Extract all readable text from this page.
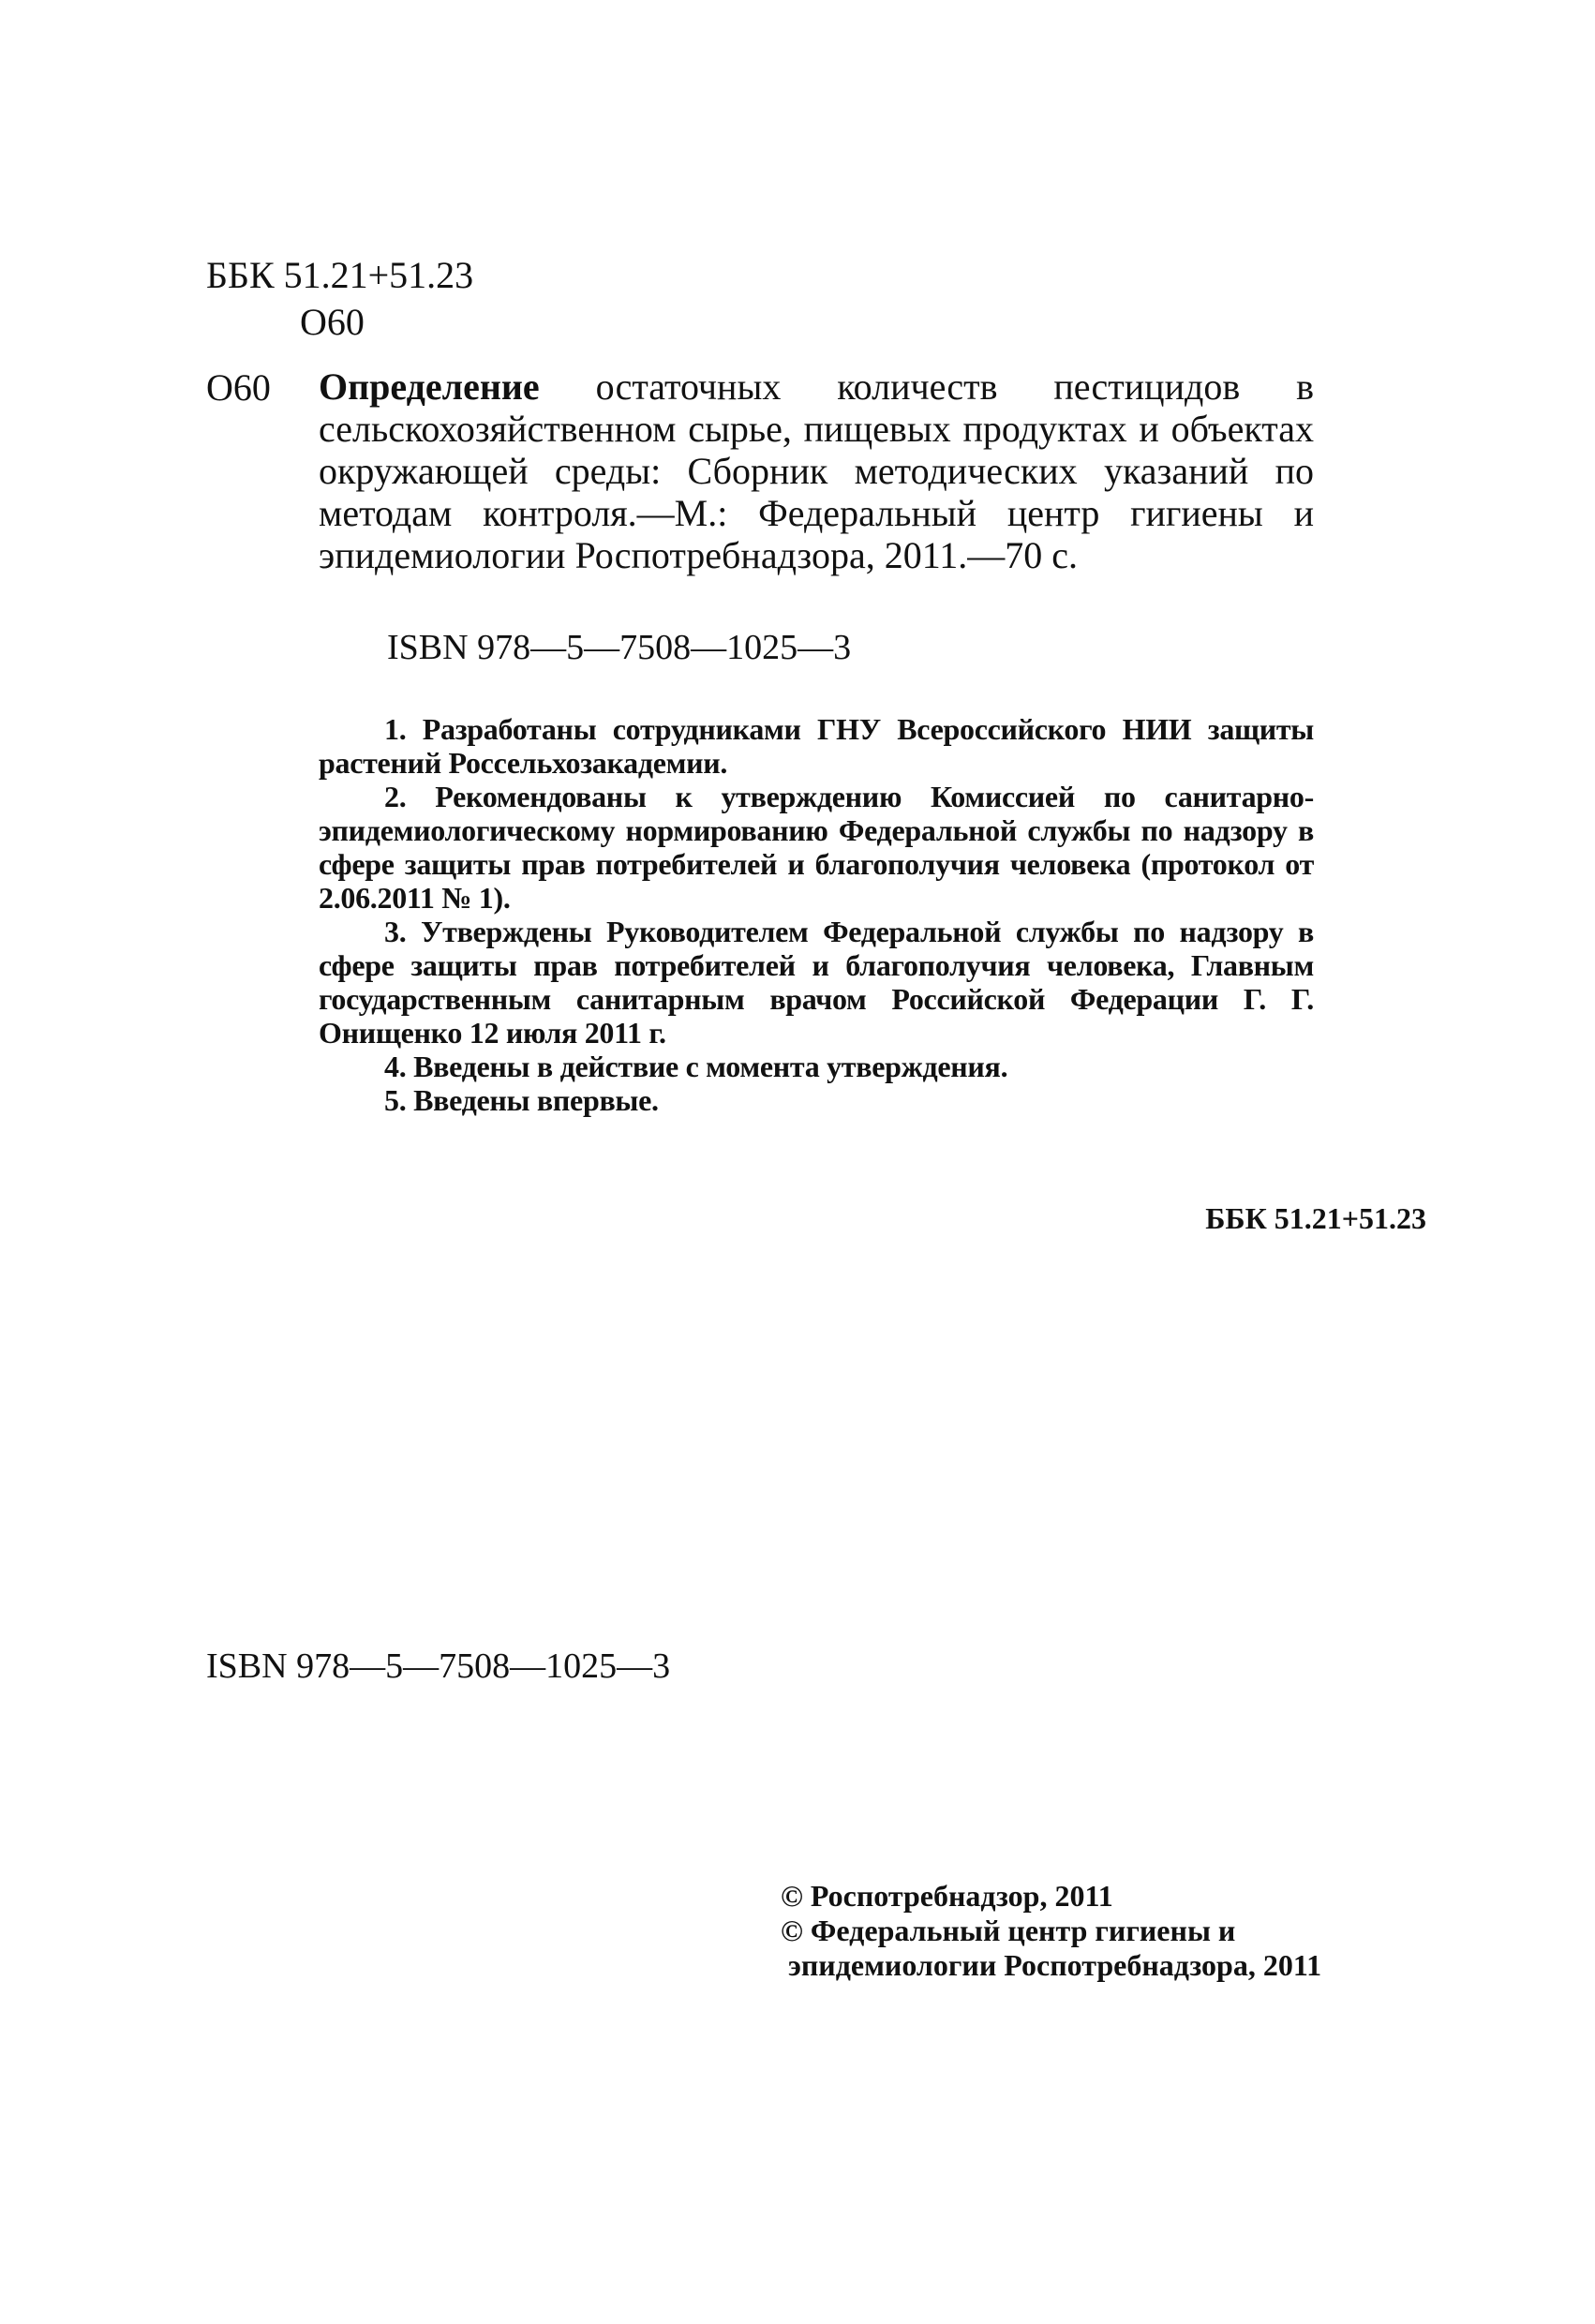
ББК 51.21+51.23
О60
О60 Определение остаточных количеств пестицидов в сельскохозяйственном сырье, пищевых продуктах и объектах окружающей среды: Сборник методических указаний по методам контроля.—М.: Федеральный центр гигиены и эпидемиологии Роспотребнадзора, 2011.—70 с.
ISBN 978—5—7508—1025—3

1. Разработаны сотрудниками ГНУ Всероссийского НИИ защиты растений Россельхозакадемии.

2. Рекомендованы к утверждению Комиссией по санитарно-эпидемиологическому нормированию Федеральной службы по надзору в сфере защиты прав потребителей и благополучия человека (протокол от 2.06.2011 № 1).

3. Утверждены Руководителем Федеральной службы по надзору в сфере защиты прав потребителей и благополучия человека, Главным государственным санитарным врачом Российской Федерации Г. Г. Онищенко 12 июля 2011 г.

4. Введены в действие с момента утверждения.

5. Введены впервые.

ББК 51.21+51.23
ISBN 978—5—7508—1025—3
© Роспотребнадзор, 2011
© Федеральный центр гигиены и
эпидемиологии Роспотребнадзора, 2011
